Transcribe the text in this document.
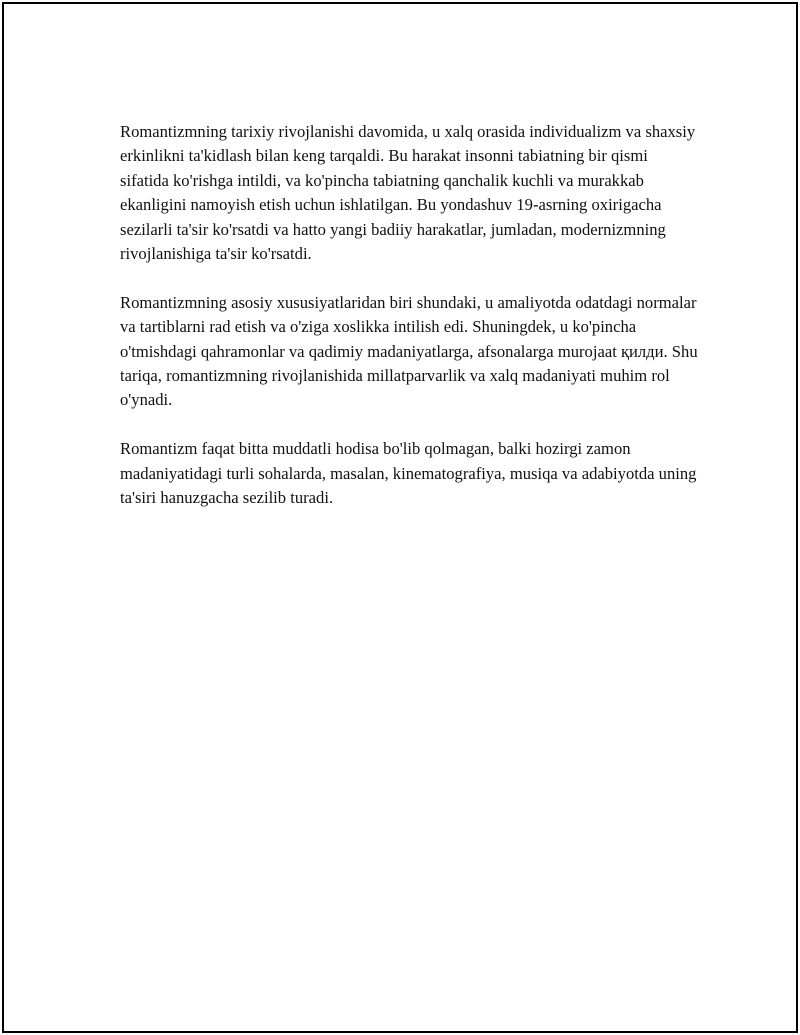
Romantizmning tarixiy rivojlanishi davomida, u xalq orasida individualizm va shaxsiy erkinlikni ta'kidlash bilan keng tarqaldi. Bu harakat insonni tabiatning bir qismi sifatida ko'rishga intildi, va ko'pincha tabiatning qanchalik kuchli va murakkab ekanligini namoyish etish uchun ishlatilgan. Bu yondashuv 19-asrning oxirigacha sezilarli ta'sir ko'rsatdi va hatto yangi badiiy harakatlar, jumladan, modernizmning rivojlanishiga ta'sir ko'rsatdi.

Romantizmning asosiy xususiyatlaridan biri shundaki, u amaliyotda odatdagi normalar va tartiblarni rad etish va o'ziga xoslikka intilish edi. Shuningdek, u ko'pincha o'tmishdagi qahramonlar va qadimiy madaniyatlarga, afsonalarga murojaat қилди. Shu tariqa, romantizmning rivojlanishida millatparvarlik va xalq madaniyati muhim rol o'ynadi.

Romantizm faqat bitta muddatli hodisa bo'lib qolmagan, balki hozirgi zamon madaniyatidagi turli sohalarda, masalan, kinematografiya, musiqa va adabiyotda uning ta'siri hanuzgacha sezilib turadi.
